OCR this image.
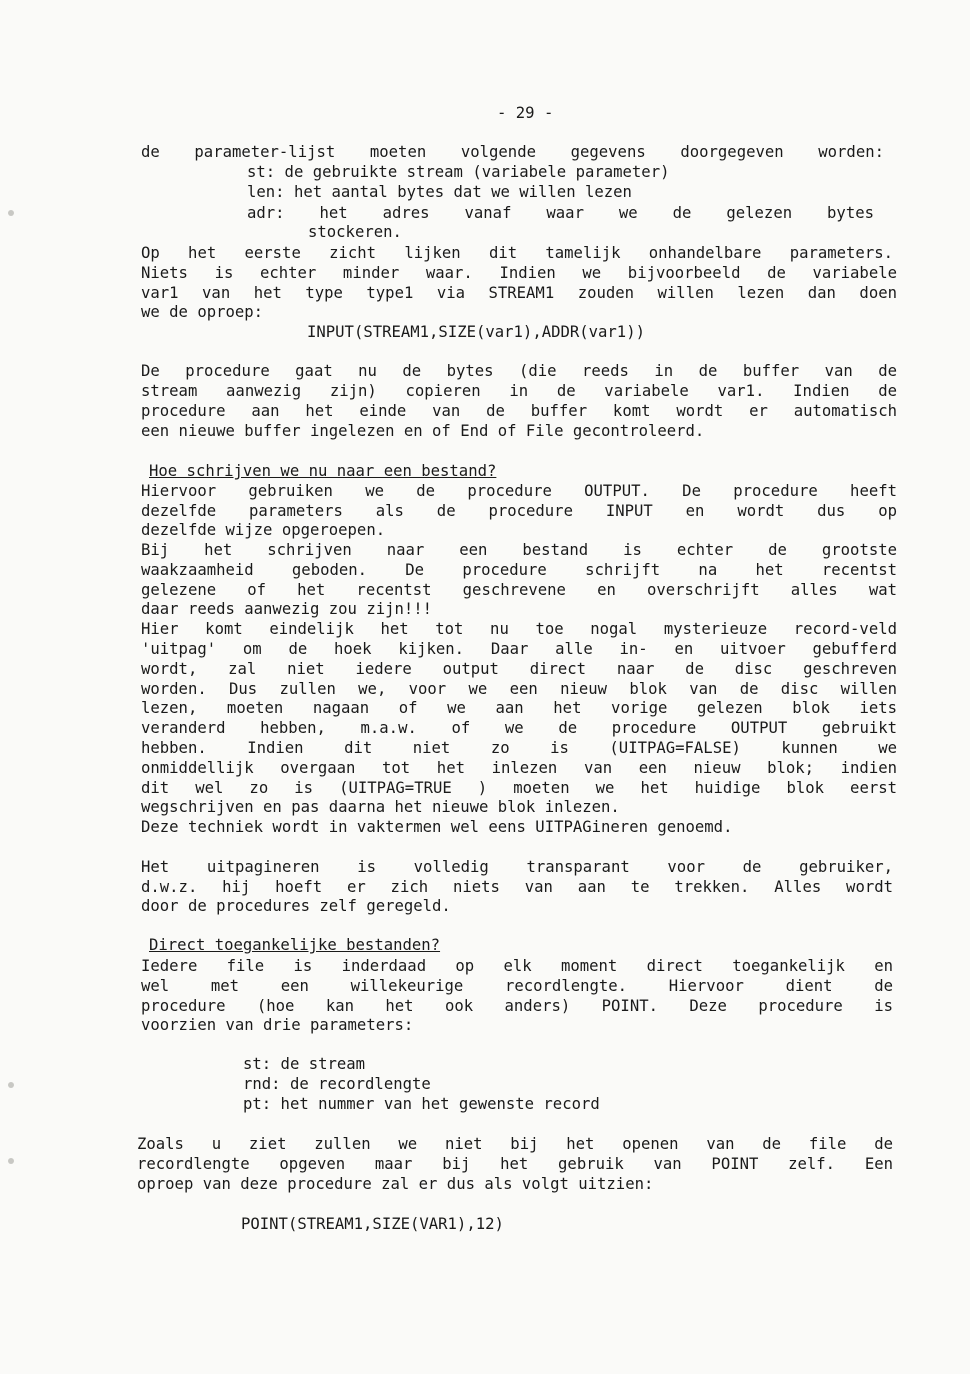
- 29 -
de parameter-lijst moeten volgende gegevens doorgegeven worden:
st: de gebruikte stream (variabele parameter)
len: het aantal bytes dat we willen lezen
adr: het adres vanaf waar we de gelezen bytes
stockeren.
Op het eerste zicht lijken dit tamelijk onhandelbare parameters.
Niets is echter minder waar. Indien we bijvoorbeeld de variabele
var1 van het type type1 via STREAM1 zouden willen lezen dan doen
we de oproep:
INPUT(STREAM1,SIZE(var1),ADDR(var1))
De procedure gaat nu de bytes (die reeds in de buffer van de
stream aanwezig zijn) copieren in de variabele var1. Indien de
procedure aan het einde van de buffer komt wordt er automatisch
een nieuwe buffer ingelezen en of End of File gecontroleerd.
Hoe schrijven we nu naar een bestand?
Hiervoor gebruiken we de procedure OUTPUT. De procedure heeft
dezelfde parameters als de procedure INPUT en wordt dus op
dezelfde wijze opgeroepen.
Bij het schrijven naar een bestand is echter de grootste
waakzaamheid geboden. De procedure schrijft na het recentst
gelezene of het recentst geschrevene en overschrijft alles wat
daar reeds aanwezig zou zijn!!!
Hier komt eindelijk het tot nu toe nogal mysterieuze record-veld
'uitpag' om de hoek kijken. Daar alle in- en uitvoer gebufferd
wordt, zal niet iedere output direct naar de disc geschreven
worden. Dus zullen we, voor we een nieuw blok van de disc willen
lezen, moeten nagaan of we aan het vorige gelezen blok iets
veranderd hebben, m.a.w. of we de procedure OUTPUT gebruikt
hebben. Indien dit niet zo is (UITPAG=FALSE) kunnen we
onmiddellijk overgaan tot het inlezen van een nieuw blok; indien
dit wel zo is (UITPAG=TRUE ) moeten we het huidige blok eerst
wegschrijven en pas daarna het nieuwe blok inlezen.
Deze techniek wordt in vaktermen wel eens UITPAGineren genoemd.
Het uitpagineren is volledig transparant voor de gebruiker,
d.w.z. hij hoeft er zich niets van aan te trekken. Alles wordt
door de procedures zelf geregeld.
Direct toegankelijke bestanden?
Iedere file is inderdaad op elk moment direct toegankelijk en
wel met een willekeurige recordlengte. Hiervoor dient de
procedure (hoe kan het ook anders) POINT. Deze procedure is
voorzien van drie parameters:
st: de stream
rnd: de recordlengte
pt: het nummer van het gewenste record
Zoals u ziet zullen we niet bij het openen van de file de
recordlengte opgeven maar bij het gebruik van POINT zelf. Een
oproep van deze procedure zal er dus als volgt uitzien:
POINT(STREAM1,SIZE(VAR1),12)
